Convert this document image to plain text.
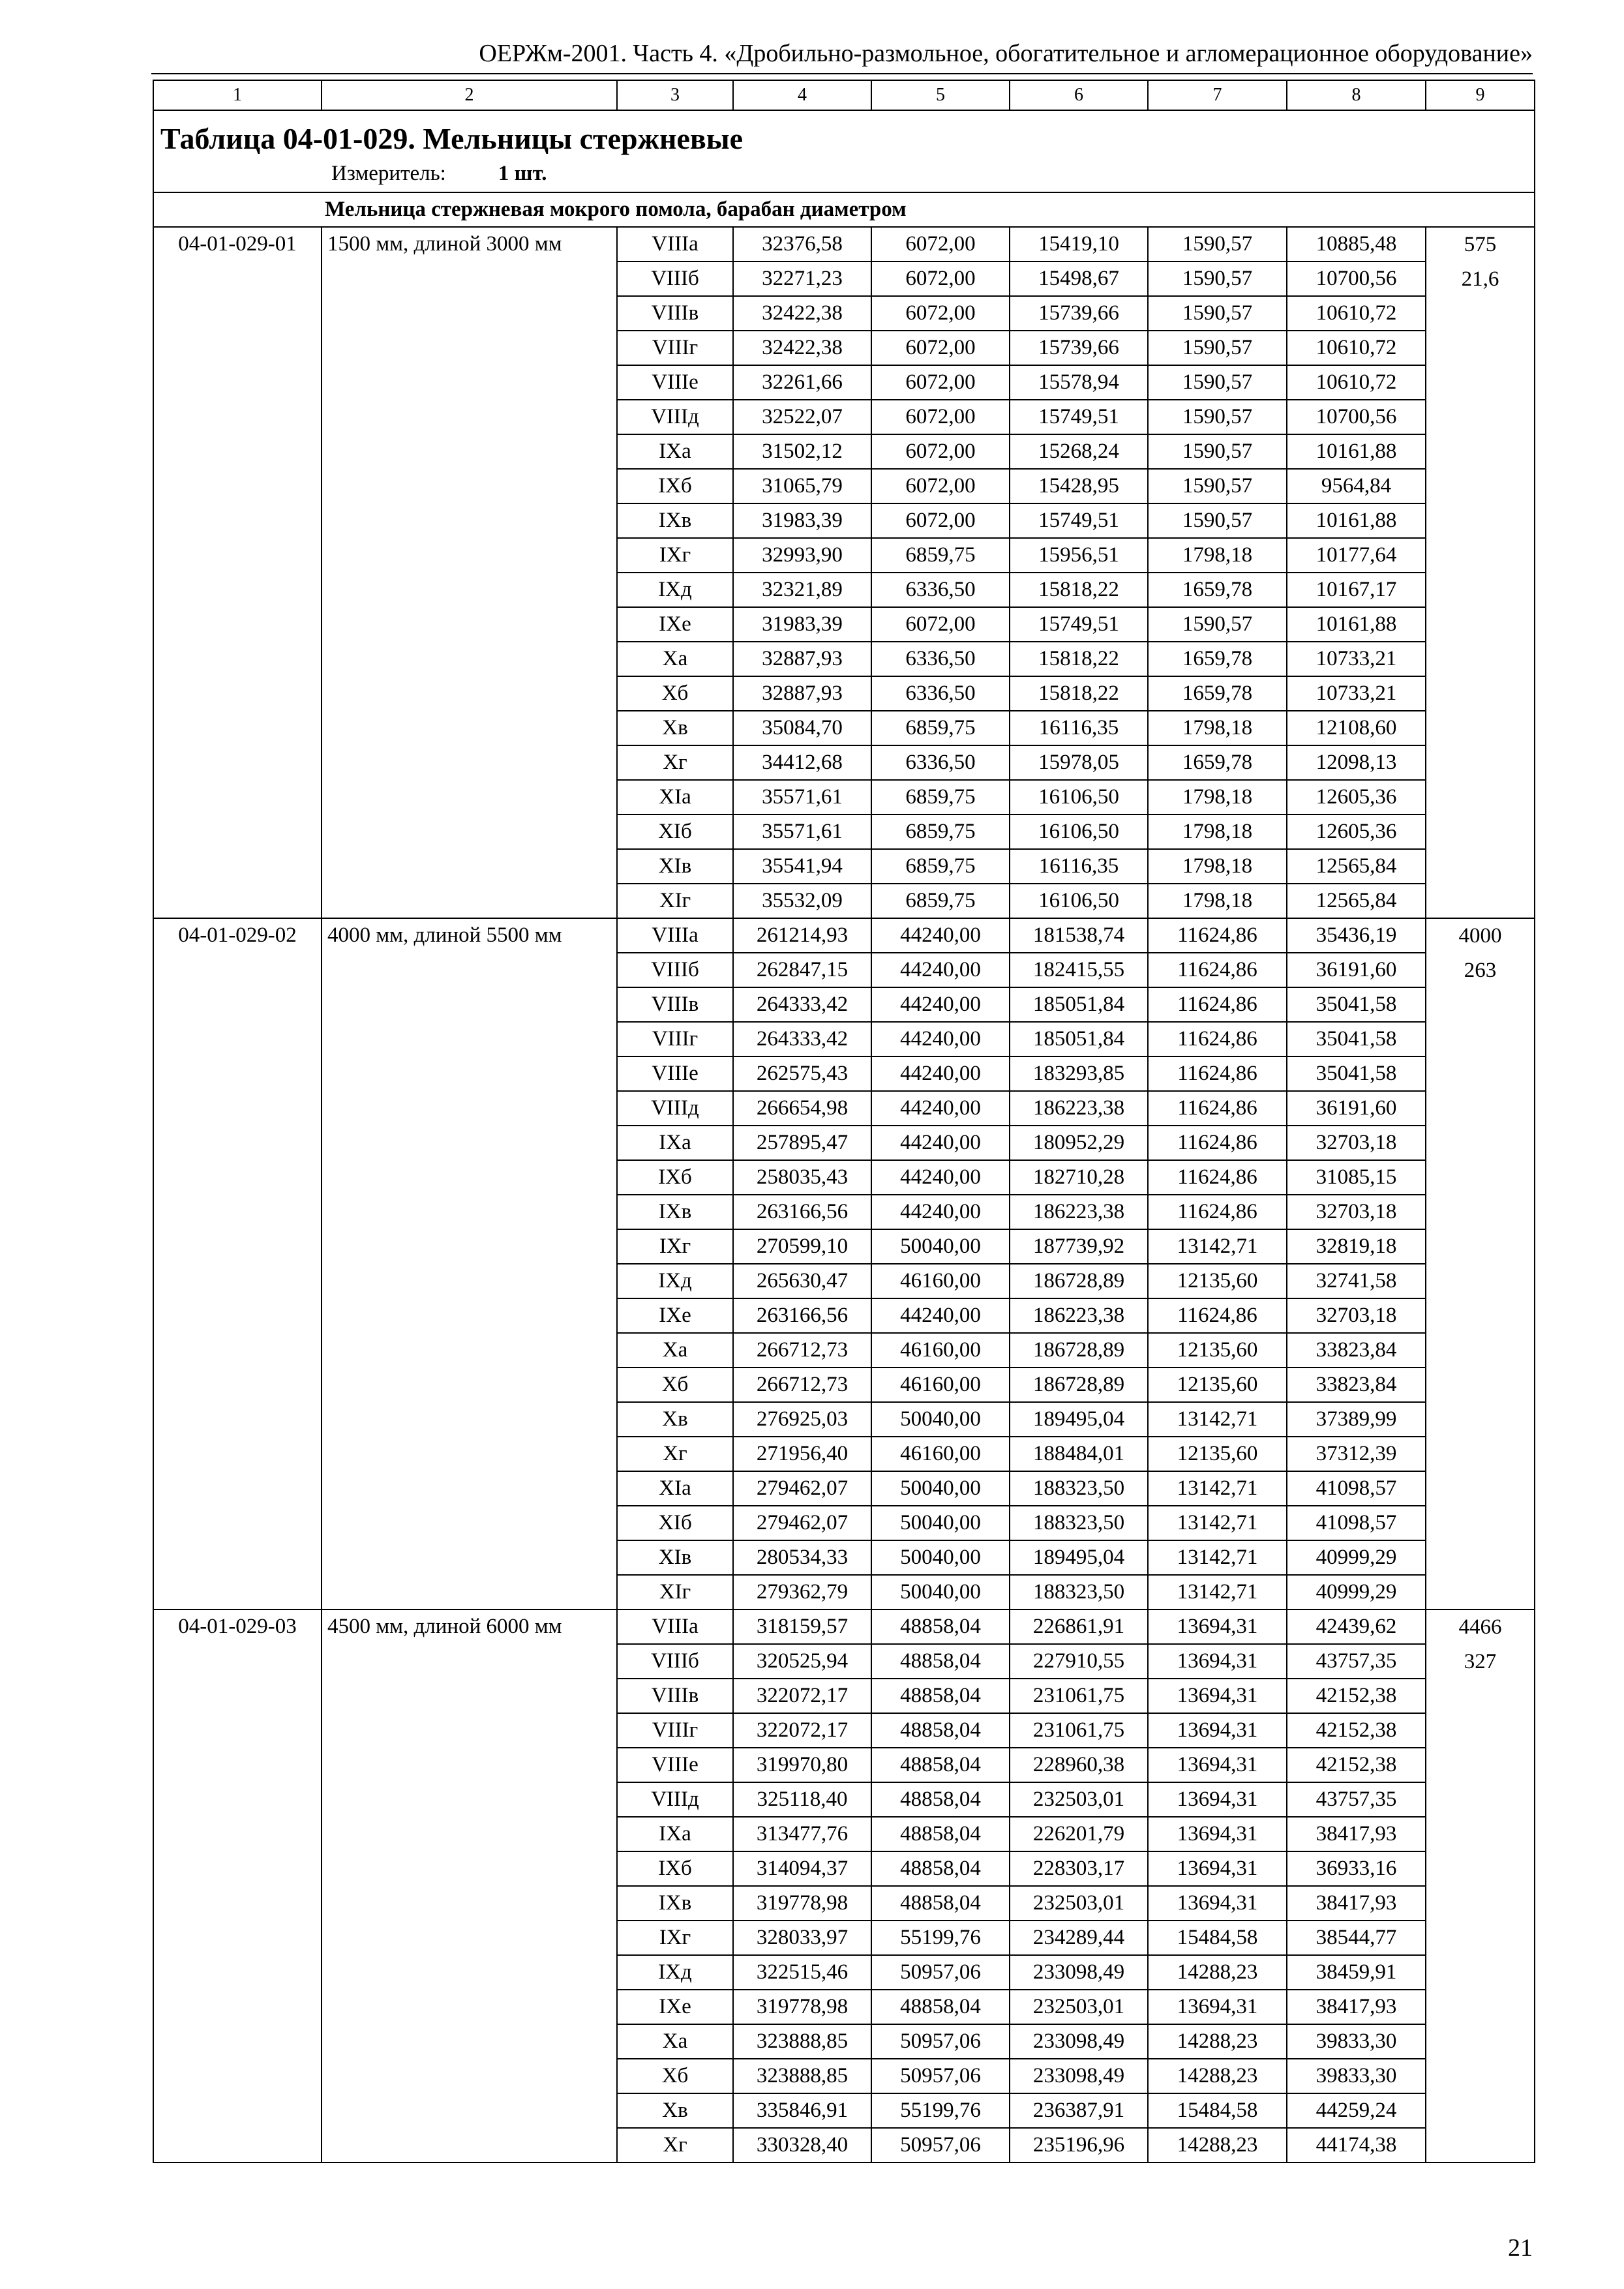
ОЕРЖм-2001. Часть 4. «Дробильно-размольное, обогатительное и агломерационное оборудование»
1	2	3	4	5	6	7	8	9

Таблица 04-01-029. Мельницы стержневые
Измеритель: 1 шт.								

Мельница стержневая мокрого помола, барабан диаметром								
04-01-029-01	1500 мм, длиной 3000 мм	VIIIа	32376,58	6072,00	15419,10	1590,57	10885,48	575
21,6

		VIIIб	32271,23	6072,00	15498,67	1590,57	10700,56	
		VIIIв	32422,38	6072,00	15739,66	1590,57	10610,72	
		VIIIг	32422,38	6072,00	15739,66	1590,57	10610,72	
		VIIIе	32261,66	6072,00	15578,94	1590,57	10610,72	
		VIIIд	32522,07	6072,00	15749,51	1590,57	10700,56	
		IXа	31502,12	6072,00	15268,24	1590,57	10161,88	
		IXб	31065,79	6072,00	15428,95	1590,57	9564,84	
		IXв	31983,39	6072,00	15749,51	1590,57	10161,88	
		IXг	32993,90	6859,75	15956,51	1798,18	10177,64	
		IXд	32321,89	6336,50	15818,22	1659,78	10167,17	
		IXе	31983,39	6072,00	15749,51	1590,57	10161,88	
		Xа	32887,93	6336,50	15818,22	1659,78	10733,21	
		Xб	32887,93	6336,50	15818,22	1659,78	10733,21	
		Xв	35084,70	6859,75	16116,35	1798,18	12108,60	
		Xг	34412,68	6336,50	15978,05	1659,78	12098,13	
		XIа	35571,61	6859,75	16106,50	1798,18	12605,36	
		XIб	35571,61	6859,75	16106,50	1798,18	12605,36	
		XIв	35541,94	6859,75	16116,35	1798,18	12565,84	
		XIг	35532,09	6859,75	16106,50	1798,18	12565,84	
04-01-029-02	4000 мм, длиной 5500 мм	VIIIа	261214,93	44240,00	181538,74	11624,86	35436,19	4000
263

		VIIIб	262847,15	44240,00	182415,55	11624,86	36191,60	
		VIIIв	264333,42	44240,00	185051,84	11624,86	35041,58	
		VIIIг	264333,42	44240,00	185051,84	11624,86	35041,58	
		VIIIе	262575,43	44240,00	183293,85	11624,86	35041,58	
		VIIIд	266654,98	44240,00	186223,38	11624,86	36191,60	
		IXа	257895,47	44240,00	180952,29	11624,86	32703,18	
		IXб	258035,43	44240,00	182710,28	11624,86	31085,15	
		IXв	263166,56	44240,00	186223,38	11624,86	32703,18	
		IXг	270599,10	50040,00	187739,92	13142,71	32819,18	
		IXд	265630,47	46160,00	186728,89	12135,60	32741,58	
		IXе	263166,56	44240,00	186223,38	11624,86	32703,18	
		Xа	266712,73	46160,00	186728,89	12135,60	33823,84	
		Xб	266712,73	46160,00	186728,89	12135,60	33823,84	
		Xв	276925,03	50040,00	189495,04	13142,71	37389,99	
		Xг	271956,40	46160,00	188484,01	12135,60	37312,39	
		XIа	279462,07	50040,00	188323,50	13142,71	41098,57	
		XIб	279462,07	50040,00	188323,50	13142,71	41098,57	
		XIв	280534,33	50040,00	189495,04	13142,71	40999,29	
		XIг	279362,79	50040,00	188323,50	13142,71	40999,29	
04-01-029-03	4500 мм, длиной 6000 мм	VIIIа	318159,57	48858,04	226861,91	13694,31	42439,62	4466
327

		VIIIб	320525,94	48858,04	227910,55	13694,31	43757,35	
		VIIIв	322072,17	48858,04	231061,75	13694,31	42152,38	
		VIIIг	322072,17	48858,04	231061,75	13694,31	42152,38	
		VIIIе	319970,80	48858,04	228960,38	13694,31	42152,38	
		VIIIд	325118,40	48858,04	232503,01	13694,31	43757,35	
		IXа	313477,76	48858,04	226201,79	13694,31	38417,93	
		IXб	314094,37	48858,04	228303,17	13694,31	36933,16	
		IXв	319778,98	48858,04	232503,01	13694,31	38417,93	
		IXг	328033,97	55199,76	234289,44	15484,58	38544,77	
		IXд	322515,46	50957,06	233098,49	14288,23	38459,91	
		IXе	319778,98	48858,04	232503,01	13694,31	38417,93	
		Xа	323888,85	50957,06	233098,49	14288,23	39833,30	
		Xб	323888,85	50957,06	233098,49	14288,23	39833,30	
		Xв	335846,91	55199,76	236387,91	15484,58	44259,24	
		Xг	330328,40	50957,06	235196,96	14288,23	44174,38	
21
